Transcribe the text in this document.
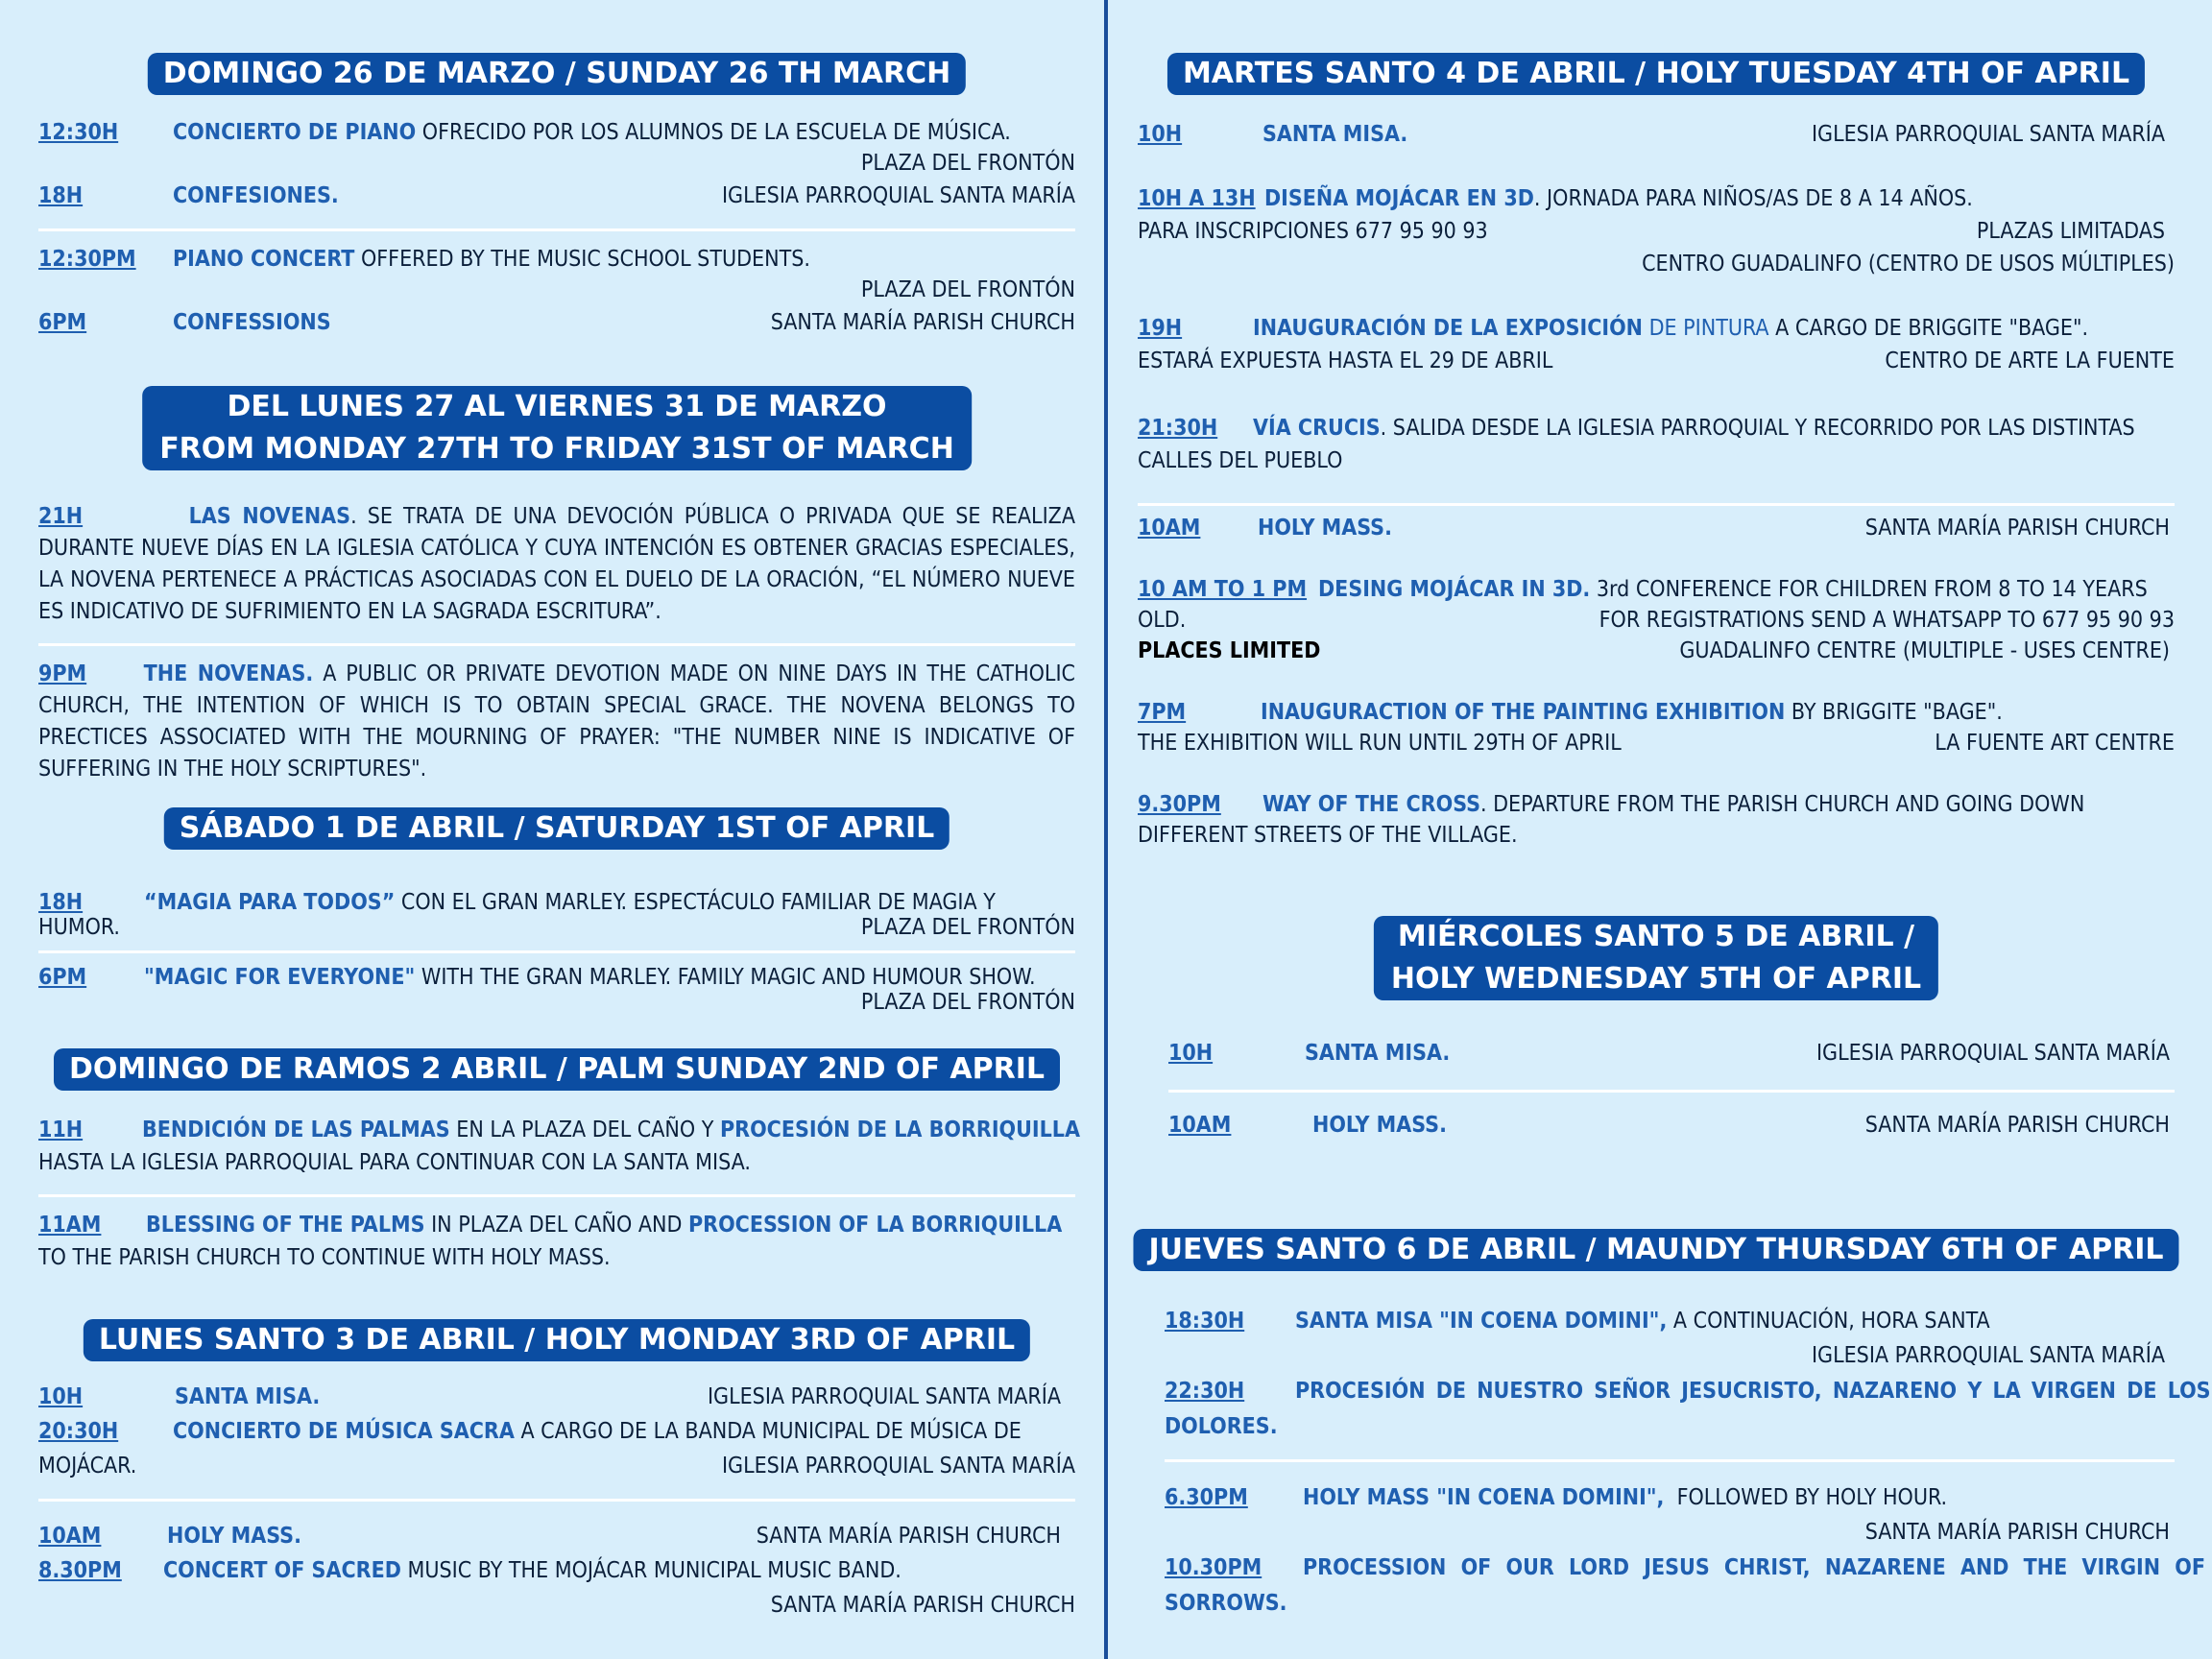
DOMINGO 26 DE MARZO / SUNDAY 26 TH MARCH
12:30H CONCIERTO DE PIANO OFRECIDO POR LOS ALUMNOS DE LA ESCUELA DE MÚSICA.
PLAZA DEL FRONTÓN
18H	CONFESIONES.	IGLESIA PARROQUIAL SANTA MARÍA
12:30PM PIANO CONCERT OFFERED BY THE MUSIC SCHOOL STUDENTS.
PLAZA DEL FRONTÓN
6PM	CONFESSIONS	SANTA MARÍA PARISH CHURCH
DEL LUNES 27 AL VIERNES 31 DE MARZO
FROM MONDAY 27TH TO FRIDAY 31ST OF MARCH
21H	LAS NOVENAS. SE TRATA DE UNA DEVOCIÓN PÚBLICA O PRIVADA QUE SE REALIZA DURANTE NUEVE DÍAS EN LA IGLESIA CATÓLICA Y CUYA INTENCIÓN ES OBTENER GRACIAS ESPECIALES, LA NOVENA PERTENECE A PRÁCTICAS ASOCIADAS CON EL DUELO DE LA ORACIÓN, “EL NÚMERO NUEVE ES INDICATIVO DE SUFRIMIENTO EN LA SAGRADA ESCRITURA”.
9PM	THE NOVENAS. A PUBLIC OR PRIVATE DEVOTION MADE ON NINE DAYS IN THE CATHOLIC CHURCH, THE INTENTION OF WHICH IS TO OBTAIN SPECIAL GRACE. THE NOVENA BELONGS TO PRECTICES ASSOCIATED WITH THE MOURNING OF PRAYER: "THE NUMBER NINE IS INDICATIVE OF SUFFERING IN THE HOLY SCRIPTURES".
SÁBADO 1 DE ABRIL / SATURDAY 1ST OF APRIL
18H	“MAGIA PARA TODOS” CON EL GRAN MARLEY. ESPECTÁCULO FAMILIAR DE MAGIA Y
HUMOR.	PLAZA DEL FRONTÓN
6PM	"MAGIC FOR EVERYONE" WITH THE GRAN MARLEY. FAMILY MAGIC AND HUMOUR SHOW.
PLAZA DEL FRONTÓN
DOMINGO DE RAMOS 2 ABRIL / PALM SUNDAY 2ND OF APRIL
11H	BENDICIÓN DE LAS PALMAS EN LA PLAZA DEL CAÑO Y PROCESIÓN DE LA BORRIQUILLA
HASTA LA IGLESIA PARROQUIAL PARA CONTINUAR CON LA SANTA MISA.
11AM BLESSING OF THE PALMS IN PLAZA DEL CAÑO AND PROCESSION OF LA BORRIQUILLA
TO THE PARISH CHURCH TO CONTINUE WITH HOLY MASS.
LUNES SANTO 3 DE ABRIL / HOLY MONDAY 3RD OF APRIL
10H	SANTA MISA.	IGLESIA PARROQUIAL SANTA MARÍA
20:30H CONCIERTO DE MÚSICA SACRA A CARGO DE LA BANDA MUNICIPAL DE MÚSICA DE
MOJÁCAR.	IGLESIA PARROQUIAL SANTA MARÍA
10AM	HOLY MASS.	SANTA MARÍA PARISH CHURCH
8.30PM CONCERT OF SACRED MUSIC BY THE MOJÁCAR MUNICIPAL MUSIC BAND.
SANTA MARÍA PARISH CHURCH
MARTES SANTO 4 DE ABRIL / HOLY TUESDAY 4TH OF APRIL
10H	SANTA MISA.	IGLESIA PARROQUIAL SANTA MARÍA
10H A 13H DISEÑA MOJÁCAR EN 3D. JORNADA PARA NIÑOS/AS DE 8 A 14 AÑOS.
PARA INSCRIPCIONES 677 95 90 93	PLAZAS LIMITADAS
CENTRO GUADALINFO (CENTRO DE USOS MÚLTIPLES)
19H	INAUGURACIÓN DE LA EXPOSICIÓN DE PINTURA A CARGO DE BRIGGITE "BAGE".
ESTARÁ EXPUESTA HASTA EL 29 DE ABRIL	CENTRO DE ARTE LA FUENTE
21:30H VÍA CRUCIS. SALIDA DESDE LA IGLESIA PARROQUIAL Y RECORRIDO POR LAS DISTINTAS
CALLES DEL PUEBLO
10AM	HOLY MASS.	SANTA MARÍA PARISH CHURCH
10 AM TO 1 PM DESING MOJÁCAR IN 3D. 3rd CONFERENCE FOR CHILDREN FROM 8 TO 14 YEARS
OLD.	FOR REGISTRATIONS SEND A WHATSAPP TO 677 95 90 93
PLACES LIMITED	GUADALINFO CENTRE (MULTIPLE - USES CENTRE)
7PM	INAUGURACTION OF THE PAINTING EXHIBITION BY BRIGGITE "BAGE".
THE EXHIBITION WILL RUN UNTIL 29TH OF APRIL	LA FUENTE ART CENTRE
9.30PM WAY OF THE CROSS. DEPARTURE FROM THE PARISH CHURCH AND GOING DOWN
DIFFERENT STREETS OF THE VILLAGE.
MIÉRCOLES SANTO 5 DE ABRIL /
HOLY WEDNESDAY 5TH OF APRIL
10H	SANTA MISA.	IGLESIA PARROQUIAL SANTA MARÍA
10AM	HOLY MASS.	SANTA MARÍA PARISH CHURCH
JUEVES SANTO 6 DE ABRIL / MAUNDY THURSDAY 6TH OF APRIL
18:30H SANTA MISA "IN COENA DOMINI", A CONTINUACIÓN, HORA SANTA
IGLESIA PARROQUIAL SANTA MARÍA
22:30H PROCESIÓN DE NUESTRO SEÑOR JESUCRISTO, NAZARENO Y LA VIRGEN DE LOS
DOLORES.
6.30PM HOLY MASS "IN COENA DOMINI", FOLLOWED BY HOLY HOUR.
SANTA MARÍA PARISH CHURCH
10.30PM PROCESSION OF OUR LORD JESUS CHRIST, NAZARENE AND THE VIRGIN OF
SORROWS.
